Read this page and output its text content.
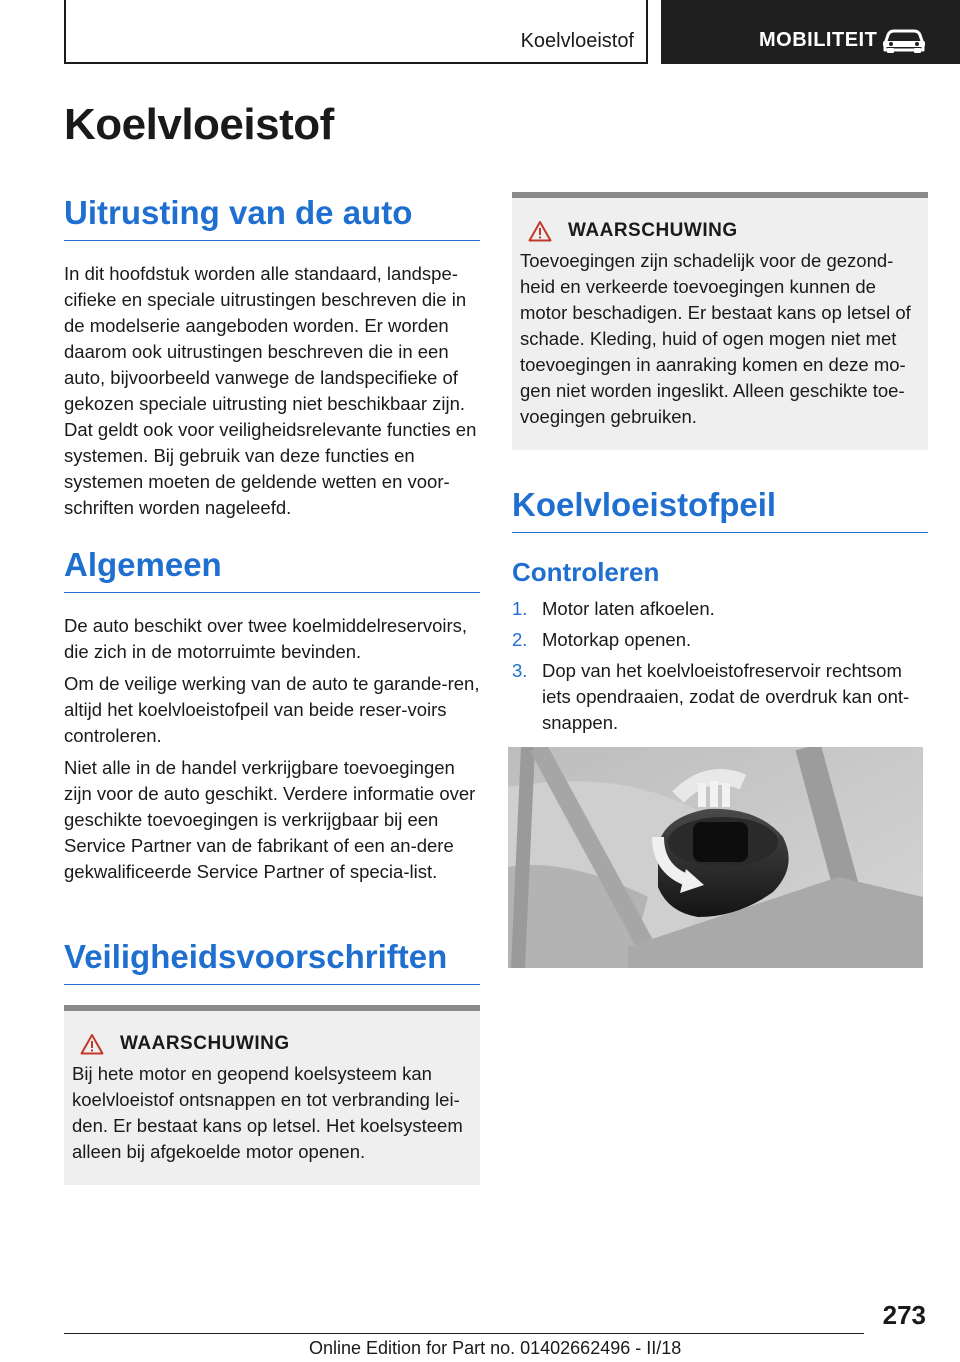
Koelvloeistof	MOBILITEIT
Koelvloeistof
Uitrusting van de auto

In dit hoofdstuk worden alle standaard, landspe‐cifieke en speciale uitrustingen beschreven die in de modelserie aangeboden worden. Er worden daarom ook uitrustingen beschreven die in een auto, bijvoorbeeld vanwege de landspecifieke of gekozen speciale uitrusting niet beschikbaar zijn. Dat geldt ook voor veiligheidsrelevante functies en systemen. Bij gebruik van deze functies en systemen moeten de geldende wetten en voor‐schriften worden nageleefd.

Algemeen

De auto beschikt over twee koelmiddelreservoirs, die zich in de motorruimte bevinden.

Om de veilige werking van de auto te garande‐ren, altijd het koelvloeistofpeil van beide reser‐voirs controleren.

Niet alle in de handel verkrijgbare toevoegingen zijn voor de auto geschikt. Verdere informatie over geschikte toevoegingen is verkrijgbaar bij een Service Partner van de fabrikant of een an‐dere gekwalificeerde Service Partner of specia‐list.

Veiligheidsvoorschriften
WAARSCHUWING
Bij hete motor en geopend koelsysteem kan koelvloeistof ontsnappen en tot verbranding lei‐den. Er bestaat kans op letsel. Het koelsysteem alleen bij afgekoelde motor openen.
WAARSCHUWING
Toevoegingen zijn schadelijk voor de gezond‐heid en verkeerde toevoegingen kunnen de motor beschadigen. Er bestaat kans op letsel of schade. Kleding, huid of ogen mogen niet met toevoegingen in aanraking komen en deze mo‐gen niet worden ingeslikt. Alleen geschikte toe‐voegingen gebruiken.
Koelvloeistofpeil
Controleren
1. Motor laten afkoelen.
2. Motorkap openen.
3. Dop van het koelvloeistofreservoir rechtsom iets opendraaien, zodat de overdruk kan ont‐snappen.
273
Online Edition for Part no. 01402662496 - II/18
